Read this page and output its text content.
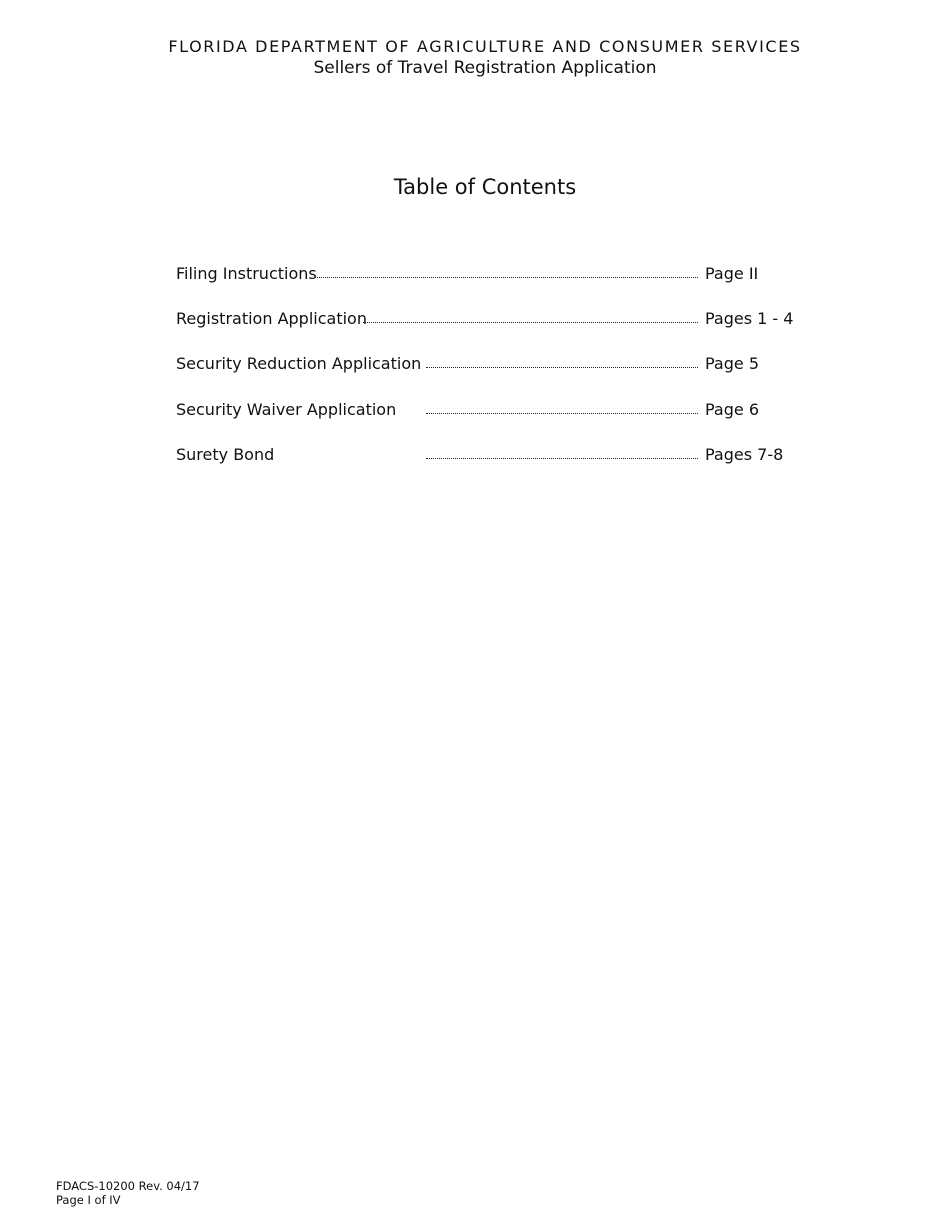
FLORIDA DEPARTMENT OF AGRICULTURE AND CONSUMER SERVICES
Sellers of Travel Registration Application
Table of Contents
Filing Instructions	Page II
Registration Application	Pages 1 - 4
Security Reduction Application	Page 5
Security Waiver Application	Page 6
Surety Bond	Pages 7-8
FDACS-10200 Rev. 04/17
Page I of IV
